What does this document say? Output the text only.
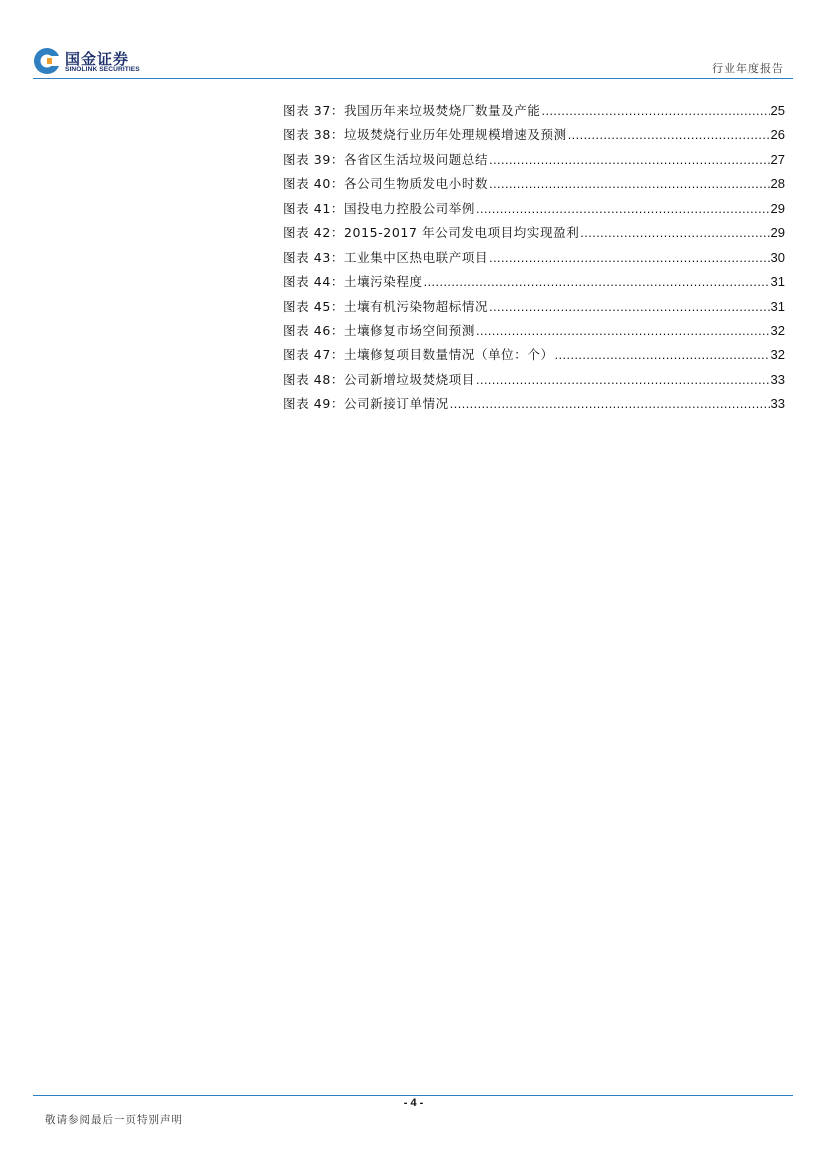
国金证券
SINOLINK SECURITIES	行业年度报告
图表 37： 我国历年来垃圾焚烧厂数量及产能 .....	25
图表 38： 垃圾焚烧行业历年处理规模增速及预测 .....	26
图表 39： 各省区生活垃圾问题总结 .....	27
图表 40： 各公司生物质发电小时数 .....	28
图表 41： 国投电力控股公司举例 .....	29
图表 42： 2015-2017 年公司发电项目均实现盈利 .....	29
图表 43： 工业集中区热电联产项目 .....	30
图表 44： 土壤污染程度 .....	31
图表 45： 土壤有机污染物超标情况 .....	31
图表 46： 土壤修复市场空间预测 .....	32
图表 47： 土壤修复项目数量情况（单位：个） .....	32
图表 48： 公司新增垃圾焚烧项目 .....	33
图表 49： 公司新接订单情况 .....	33
- 4 -
敬请参阅最后一页特别声明
